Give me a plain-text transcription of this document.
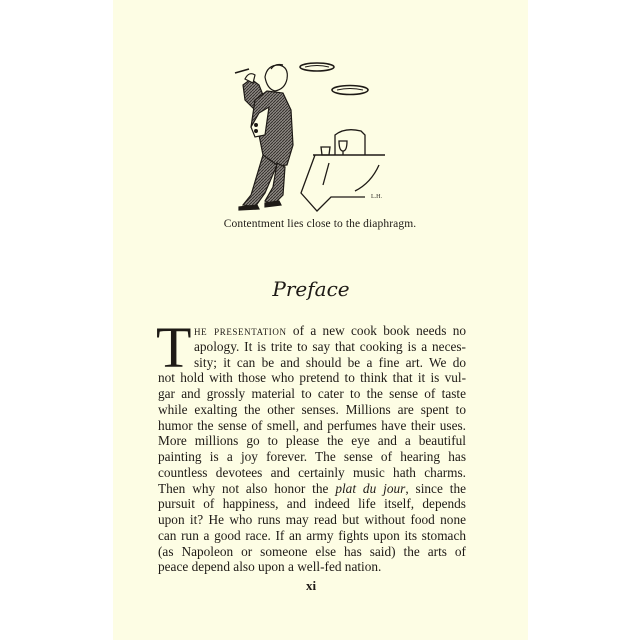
L.H.
Contentment lies close to the diaphragm.
Preface
T he presentation of a new cook book needs no
apology. It is trite to say that cooking is a neces-
sity; it can be and should be a fine art. We do
not hold with those who pretend to think that it is vul-
gar and grossly material to cater to the sense of taste
while exalting the other senses. Millions are spent to
humor the sense of smell, and perfumes have their uses.
More millions go to please the eye and a beautiful
painting is a joy forever. The sense of hearing has
countless devotees and certainly music hath charms.
Then why not also honor the plat du jour, since the
pursuit of happiness, and indeed life itself, depends
upon it? He who runs may read but without food none
can run a good race. If an army fights upon its stomach
(as Napoleon or someone else has said) the arts of
peace depend also upon a well-fed nation.
xi
